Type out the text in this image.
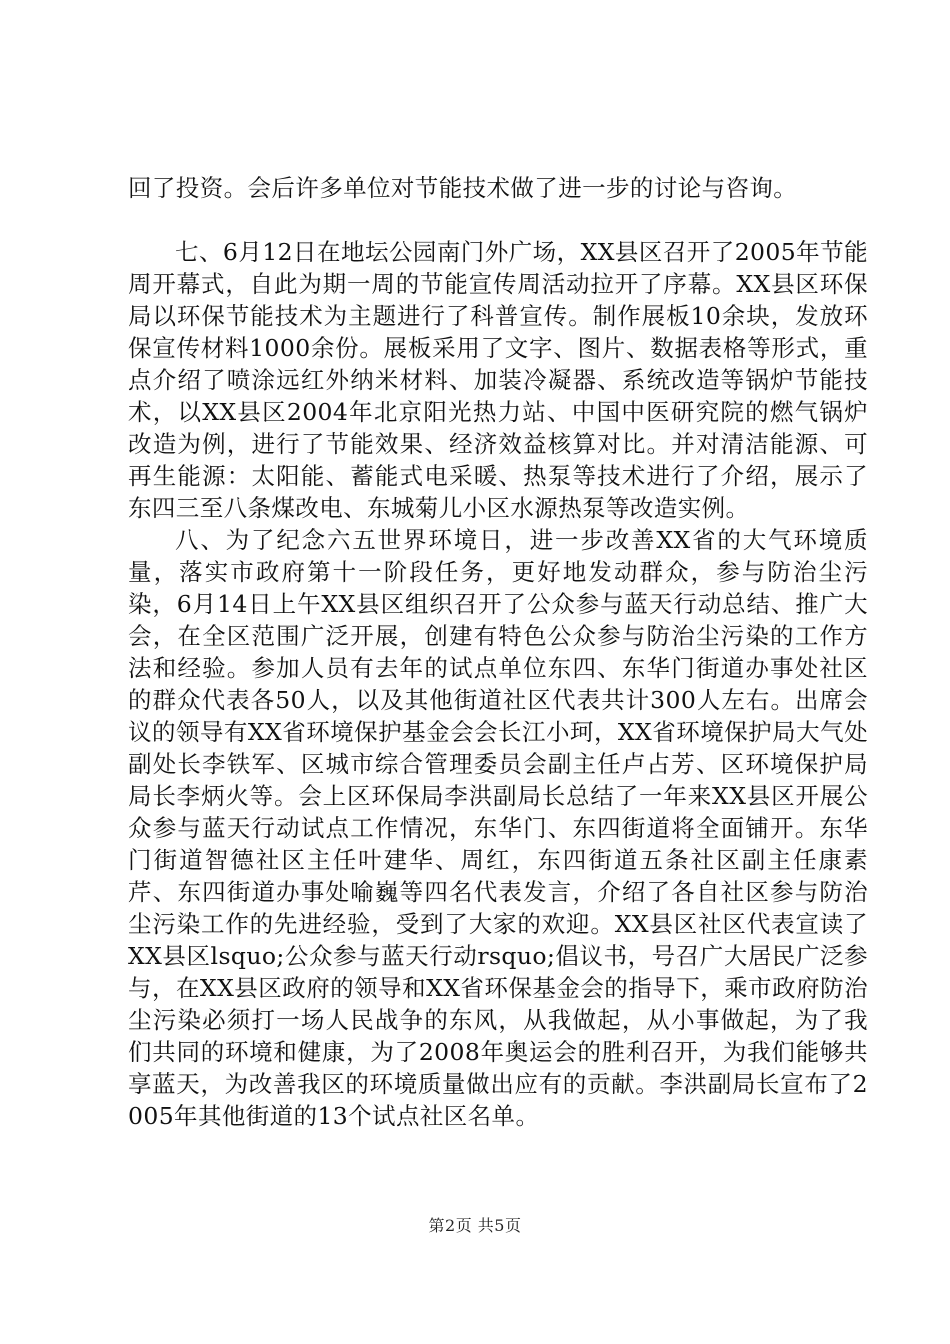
回了投资。会后许多单位对节能技术做了进一步的讨论与咨询。

七、6月12日在地坛公园南门外广场，XX县区召开了2005年节能周开幕式，自此为期一周的节能宣传周活动拉开了序幕。XX县区环保局以环保节能技术为主题进行了科普宣传。制作展板10余块，发放环保宣传材料1000余份。展板采用了文字、图片、数据表格等形式，重点介绍了喷涂远红外纳米材料、加装冷凝器、系统改造等锅炉节能技术，以XX县区2004年北京阳光热力站、中国中医研究院的燃气锅炉改造为例，进行了节能效果、经济效益核算对比。并对清洁能源、可再生能源：太阳能、蓄能式电采暖、热泵等技术进行了介绍，展示了东四三至八条煤改电、东城菊儿小区水源热泵等改造实例。

八、为了纪念六五世界环境日，进一步改善XX省的大气环境质量，落实市政府第十一阶段任务，更好地发动群众，参与防治尘污染，6月14日上午XX县区组织召开了公众参与蓝天行动总结、推广大会，在全区范围广泛开展，创建有特色公众参与防治尘污染的工作方法和经验。参加人员有去年的试点单位东四、东华门街道办事处社区的群众代表各50人，以及其他街道社区代表共计300人左右。出席会议的领导有XX省环境保护基金会会长江小珂，XX省环境保护局大气处副处长李铁军、区城市综合管理委员会副主任卢占芳、区环境保护局局长李炳火等。会上区环保局李洪副局长总结了一年来XX县区开展公众参与蓝天行动试点工作情况，东华门、东四街道将全面铺开。东华门街道智德社区主任叶建华、周红，东四街道五条社区副主任康素芹、东四街道办事处喻巍等四名代表发言，介绍了各自社区参与防治尘污染工作的先进经验，受到了大家的欢迎。XX县区社区代表宣读了XX县区lsquo;公众参与蓝天行动rsquo;倡议书，号召广大居民广泛参与，在XX县区政府的领导和XX省环保基金会的指导下，乘市政府防治尘污染必须打一场人民战争的东风，从我做起，从小事做起，为了我们共同的环境和健康，为了2008年奥运会的胜利召开，为我们能够共享蓝天，为改善我区的环境质量做出应有的贡献。李洪副局长宣布了2005年其他街道的13个试点社区名单。

第2页 共5页
